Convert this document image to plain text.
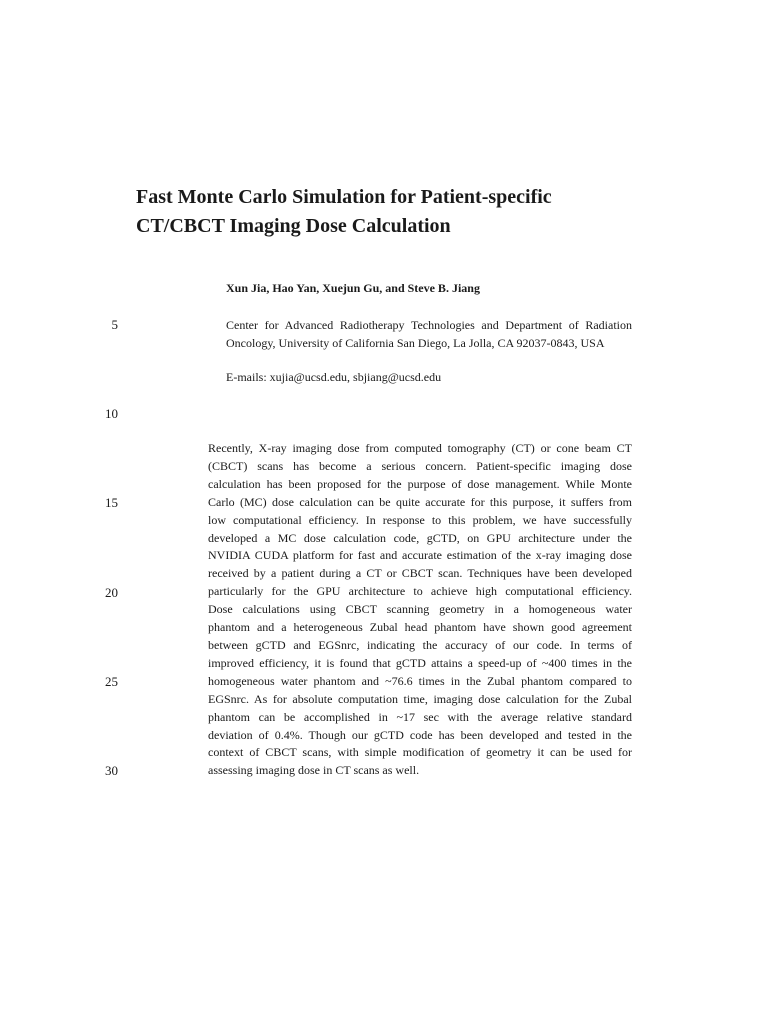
Fast Monte Carlo Simulation for Patient-specific
CT/CBCT Imaging Dose Calculation
Xun Jia, Hao Yan, Xuejun Gu, and Steve B. Jiang
Center for Advanced Radiotherapy Technologies and Department of Radiation Oncology, University of California San Diego, La Jolla, CA 92037-0843, USA
E-mails: xujia@ucsd.edu, sbjiang@ucsd.edu
Recently, X-ray imaging dose from computed tomography (CT) or cone beam CT
(CBCT) scans has become a serious concern. Patient-specific imaging dose
calculation has been proposed for the purpose of dose management. While Monte
Carlo (MC) dose calculation can be quite accurate for this purpose, it suffers from
low computational efficiency. In response to this problem, we have successfully
developed a MC dose calculation code, gCTD, on GPU architecture under the
NVIDIA CUDA platform for fast and accurate estimation of the x-ray imaging dose
received by a patient during a CT or CBCT scan. Techniques have been developed
particularly for the GPU architecture to achieve high computational efficiency.
Dose calculations using CBCT scanning geometry in a homogeneous water
phantom and a heterogeneous Zubal head phantom have shown good agreement
between gCTD and EGSnrc, indicating the accuracy of our code. In terms of
improved efficiency, it is found that gCTD attains a speed-up of ~400 times in the
homogeneous water phantom and ~76.6 times in the Zubal phantom compared to
EGSnrc. As for absolute computation time, imaging dose calculation for the Zubal
phantom can be accomplished in ~17 sec with the average relative standard
deviation of 0.4%. Though our gCTD code has been developed and tested in the
context of CBCT scans, with simple modification of geometry it can be used for
assessing imaging dose in CT scans as well.
5
10
15
20
25
30
